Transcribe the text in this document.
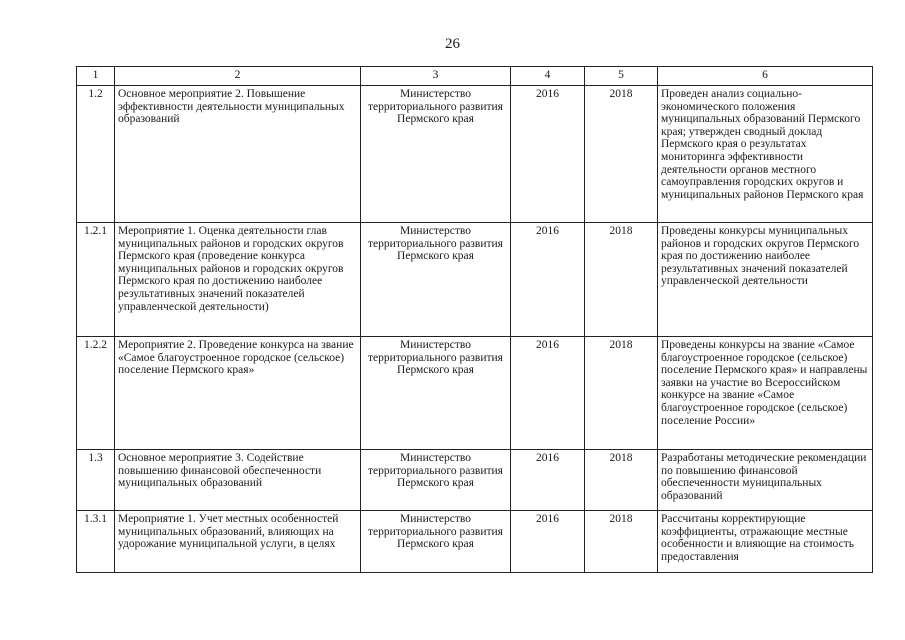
26
1	2	3	4	5	6
1.2	Основное мероприятие 2. Повышение эффективности деятельности муниципальных образований	Министерство территориального развития Пермского края	2016	2018	Проведен анализ социально-экономического положения муниципальных образований Пермского края; утвержден сводный доклад Пермского края о результатах мониторинга эффективности деятельности органов местного самоуправления городских округов и муниципальных районов Пермского края
1.2.1	Мероприятие 1. Оценка деятельности глав муниципальных районов и городских округов Пермского края (проведение конкурса муниципальных районов и городских округов Пермского края по достижению наиболее результативных значений показателей управленческой деятельности)	Министерство территориального развития Пермского края	2016	2018	Проведены конкурсы муниципальных районов и городских округов Пермского края по достижению наиболее результативных значений показателей управленческой деятельности
1.2.2	Мероприятие 2. Проведение конкурса на звание «Самое благоустроенное городское (сельское) поселение Пермского края»	Министерство территориального развития Пермского края	2016	2018	Проведены конкурсы на звание «Самое благоустроенное городское (сельское) поселение Пермского края» и направлены заявки на участие во Всероссийском конкурсе на звание «Самое благоустроенное городское (сельское) поселение России»
1.3	Основное мероприятие 3. Содействие повышению финансовой обеспеченности муниципальных образований	Министерство территориального развития Пермского края	2016	2018	Разработаны методические рекомендации по повышению финансовой обеспеченности муниципальных образований
1.3.1	Мероприятие 1. Учет местных особенностей муниципальных образований, влияющих на удорожание муниципальной услуги, в целях	Министерство территориального развития Пермского края	2016	2018	Рассчитаны корректирующие коэффициенты, отражающие местные особенности и влияющие на стоимость предоставления
